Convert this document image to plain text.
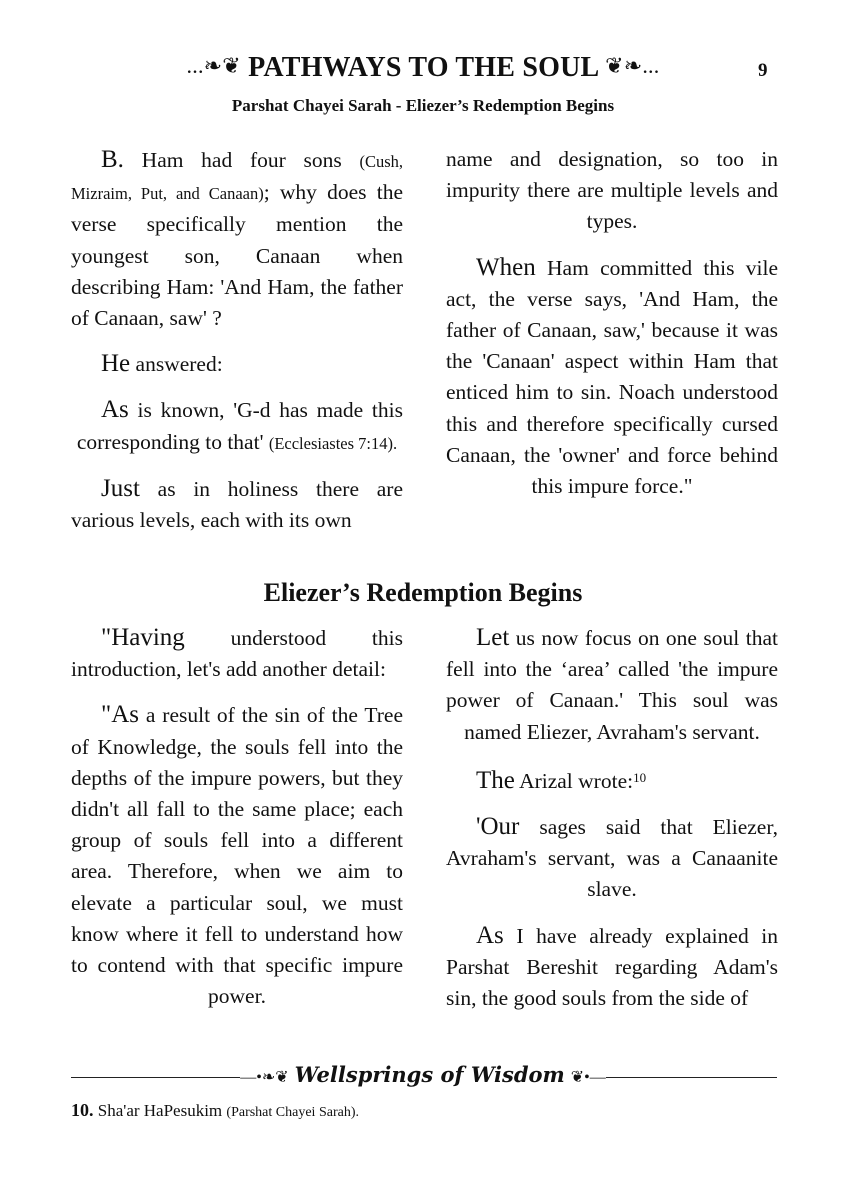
...❧❦ PATHWAYS TO THE SOUL ❦❧...	9
Parshat Chayei Sarah - Eliezer’s Redemption Begins

B. Ham had four sons (Cush, Mizraim, Put, and Canaan); why does the verse specifically mention the youngest son, Canaan when describing Ham: 'And Ham, the father of Canaan, saw' ?

He answered:

As is known, 'G-d has made this corresponding to that' (Ecclesiastes 7:14).

Just as in holiness there are various levels, each with its own

name and designation, so too in impurity there are multiple levels and types.

When Ham committed this vile act, the verse says, 'And Ham, the father of Canaan, saw,' because it was the 'Canaan' aspect within Ham that enticed him to sin. Noach understood this and therefore specifically cursed Canaan, the 'owner' and force behind this impure force."

Eliezer’s Redemption Begins

"Having understood this introduction, let's add another detail:

"As a result of the sin of the Tree of Knowledge, the souls fell into the depths of the impure powers, but they didn't all fall to the same place; each group of souls fell into a different area. Therefore, when we aim to elevate a particular soul, we must know where it fell to understand how to contend with that specific impure power.

Let us now focus on one soul that fell into the ‘area’ called 'the impure power of Canaan.' This soul was named Eliezer, Avraham's servant.

The Arizal wrote:$^{10}$

'Our sages said that Eliezer, Avraham's servant, was a Canaanite slave.

As I have already explained in Parshat Bereshit regarding Adam's sin, the good souls from the side of

—•❧❦ Wellsprings of Wisdom ❦•—
10. Sha'ar HaPesukim (Parshat Chayei Sarah).
